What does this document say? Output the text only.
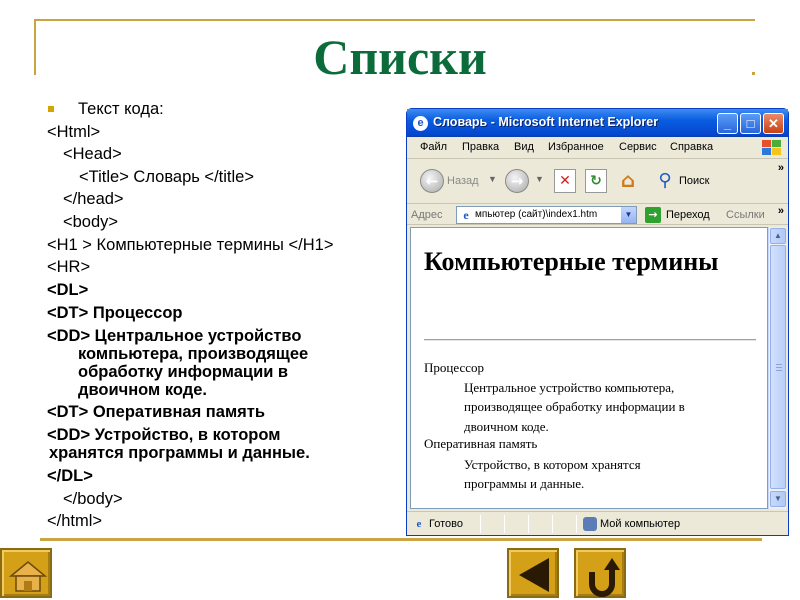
Списки
Текст кода:
<Html>
<Head>
<Title> Словарь </title>
</head>
<body>
<H1 > Компьютерные термины </H1>
<HR>
<DL>
<DT> Процессор
<DD> Центральное устройство
компьютера, производящее
обработку информации в
двоичном коде.
<DT> Оперативная память
<DD> Устройство, в котором
хранятся программы и данные.
</DL>
</body>
</html>
e Словарь - Microsoft Internet Explorer	_	□	✕
Файл Правка Вид Избранное Сервис Справка
← Назад ▼ →	▼	✕	↻ ⌂	⚲ Поиск
»
Адрес	e мпьютер (сайт)\index1.htm	▼	→ Переход Ссылки »
Компьютерные термины
Процессор
Центральное устройство компьютера,
производящее обработку информации в
двоичном коде.
Оперативная память
Устройство, в котором хранятся
программы и данные.
▲
▼
e Готово	Мой компьютер
